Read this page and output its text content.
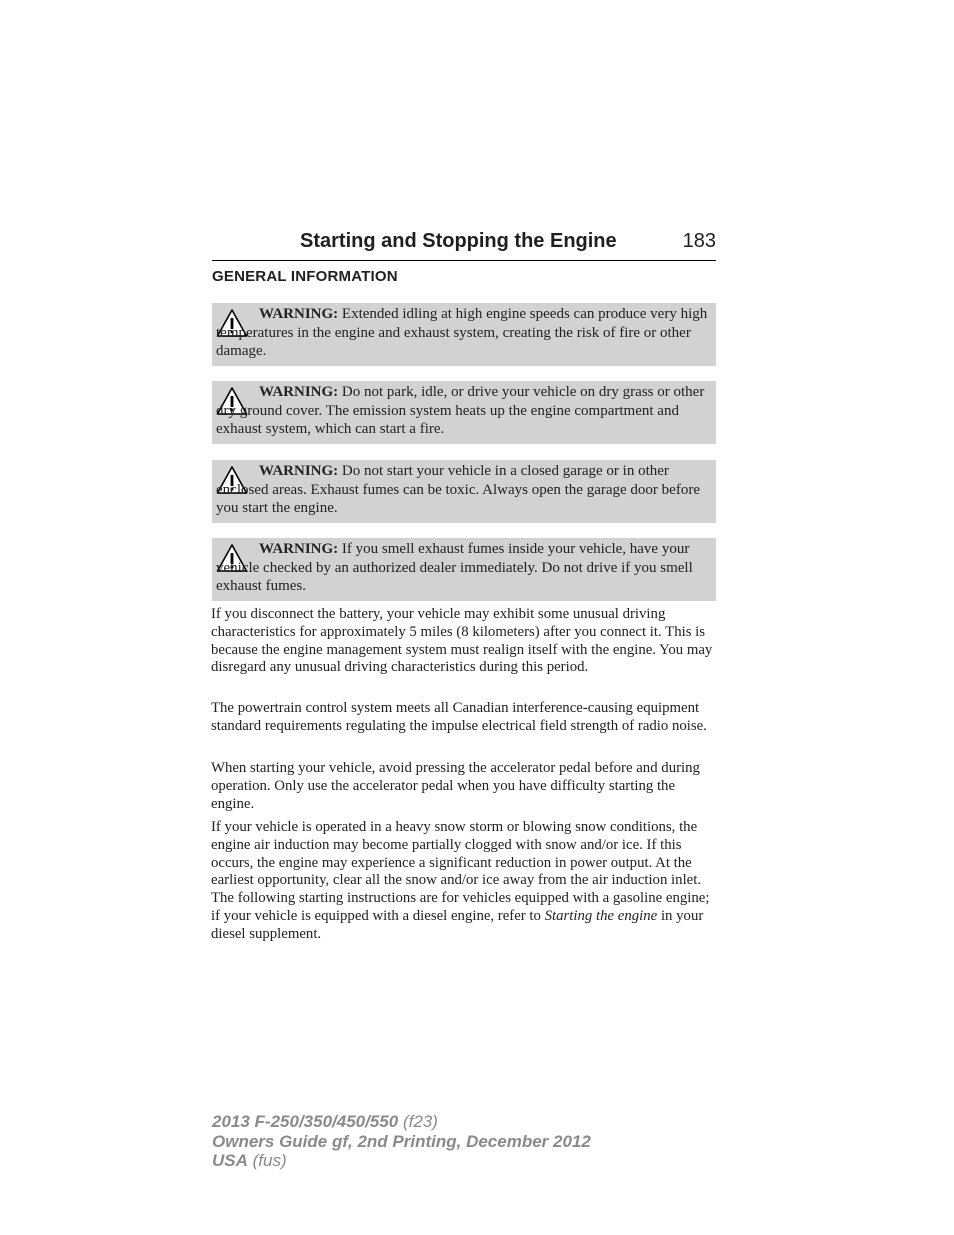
Starting and Stopping the Engine	183
GENERAL INFORMATION

WARNING: Extended idling at high engine speeds can produce very high temperatures in the engine and exhaust system, creating the risk of fire or other damage.

WARNING: Do not park, idle, or drive your vehicle on dry grass or other dry ground cover. The emission system heats up the engine compartment and exhaust system, which can start a fire.

WARNING: Do not start your vehicle in a closed garage or in other enclosed areas. Exhaust fumes can be toxic. Always open the garage door before you start the engine.

WARNING: If you smell exhaust fumes inside your vehicle, have your vehicle checked by an authorized dealer immediately. Do not drive if you smell exhaust fumes.

If you disconnect the battery, your vehicle may exhibit some unusual driving characteristics for approximately 5 miles (8 kilometers) after you connect it. This is because the engine management system must realign itself with the engine. You may disregard any unusual driving characteristics during this period.

The powertrain control system meets all Canadian interference-causing equipment standard requirements regulating the impulse electrical field strength of radio noise.

When starting your vehicle, avoid pressing the accelerator pedal before and during operation. Only use the accelerator pedal when you have difficulty starting the engine.

If your vehicle is operated in a heavy snow storm or blowing snow conditions, the engine air induction may become partially clogged with snow and/or ice. If this occurs, the engine may experience a significant reduction in power output. At the earliest opportunity, clear all the snow and/or ice away from the air induction inlet. The following starting instructions are for vehicles equipped with a gasoline engine; if your vehicle is equipped with a diesel engine, refer to Starting the engine in your diesel supplement.

2013 F-250/350/450/550 (f23)
Owners Guide gf, 2nd Printing, December 2012
USA (fus)
